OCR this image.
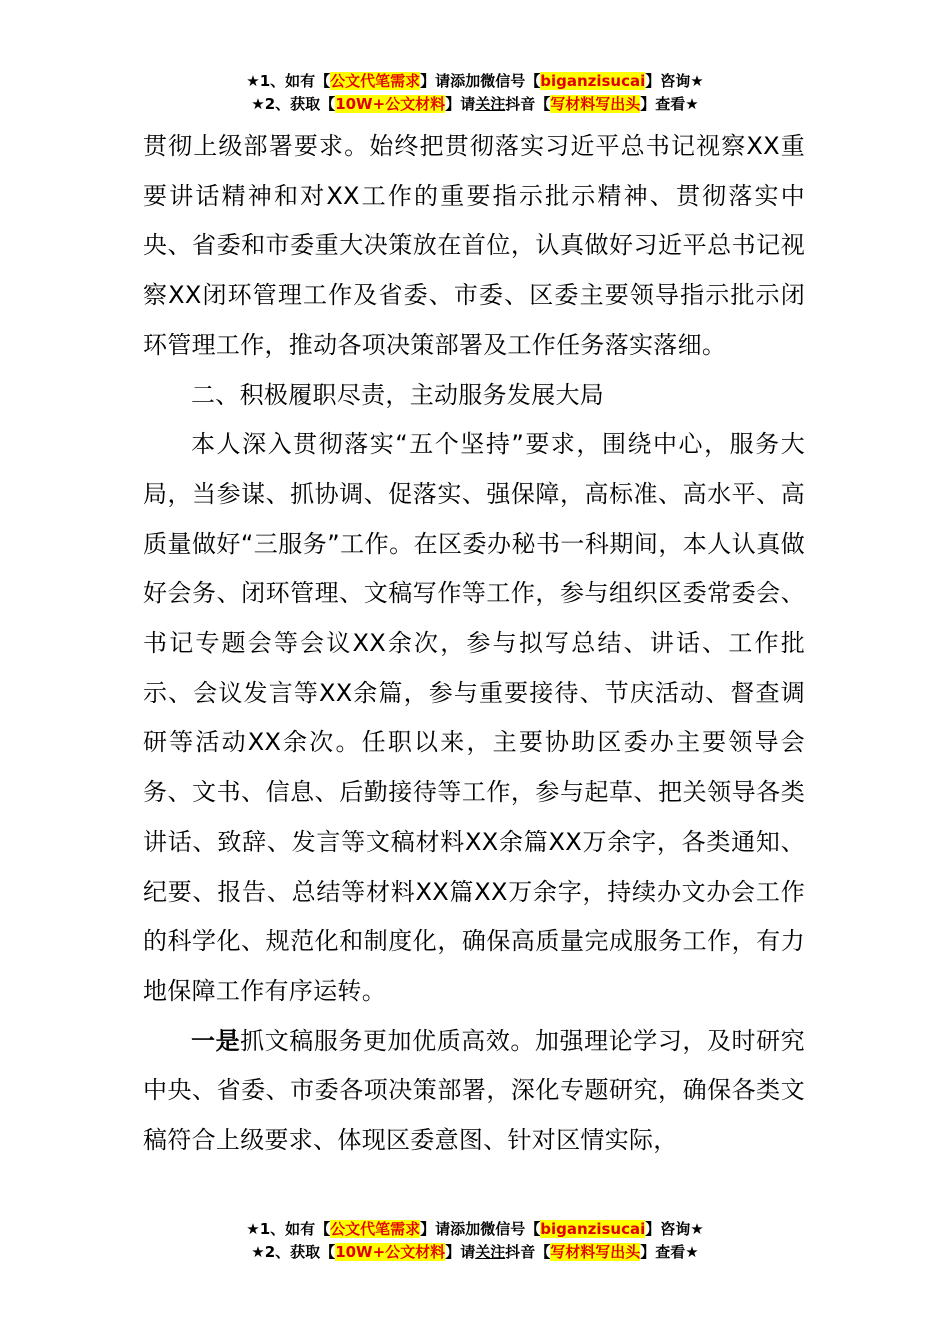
★1、如有【公文代笔需求】请添加微信号【biganzisucai】咨询★
★2、获取【10W+公文材料】请关注抖音【写材料写出头】查看★

贯彻上级部署要求。始终把贯彻落实习近平总书记视察XX重要讲话精神和对XX工作的重要指示批示精神、贯彻落实中央、省委和市委重大决策放在首位，认真做好习近平总书记视察XX闭环管理工作及省委、市委、区委主要领导指示批示闭环管理工作，推动各项决策部署及工作任务落实落细。

二、积极履职尽责，主动服务发展大局

本人深入贯彻落实“五个坚持”要求，围绕中心，服务大局，当参谋、抓协调、促落实、强保障，高标准、高水平、高质量做好“三服务”工作。在区委办秘书一科期间，本人认真做好会务、闭环管理、文稿写作等工作，参与组织区委常委会、书记专题会等会议XX余次，参与拟写总结、讲话、工作批示、会议发言等XX余篇，参与重要接待、节庆活动、督查调研等活动XX余次。任职以来，主要协助区委办主要领导会务、文书、信息、后勤接待等工作，参与起草、把关领导各类讲话、致辞、发言等文稿材料XX余篇XX万余字，各类通知、纪要、报告、总结等材料XX篇XX万余字，持续办文办会工作的科学化、规范化和制度化，确保高质量完成服务工作，有力地保障工作有序运转。

一是抓文稿服务更加优质高效。加强理论学习，及时研究中央、省委、市委各项决策部署，深化专题研究，确保各类文稿符合上级要求、体现区委意图、针对区情实际，

★1、如有【公文代笔需求】请添加微信号【biganzisucai】咨询★
★2、获取【10W+公文材料】请关注抖音【写材料写出头】查看★
